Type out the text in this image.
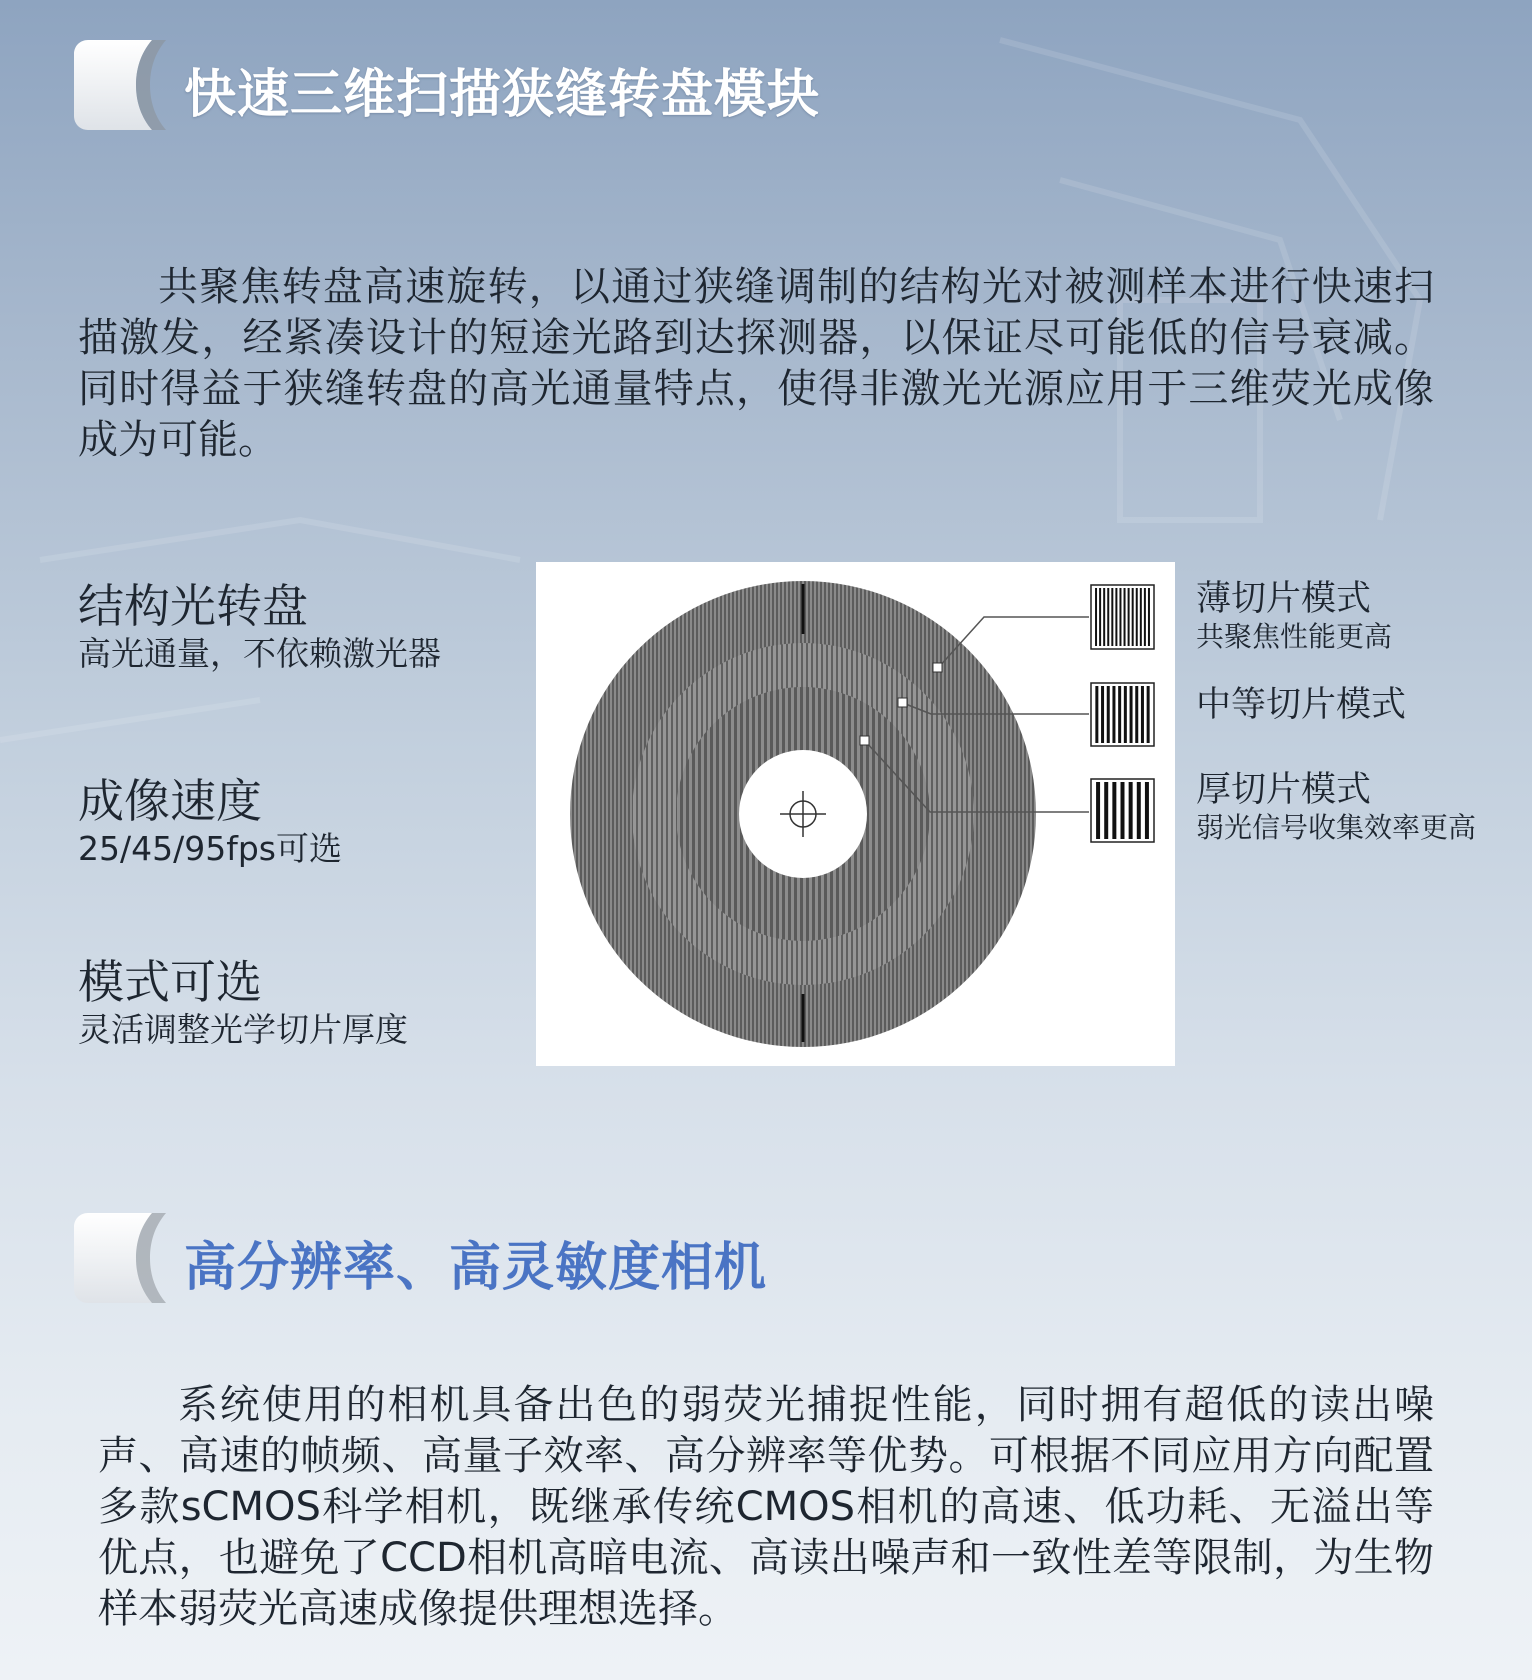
快速三维扫描狭缝转盘模块

共聚焦转盘高速旋转，以通过狭缝调制的结构光对被测样本进行快速扫描激发，经紧凑设计的短途光路到达探测器，以保证尽可能低的信号衰减。同时得益于狭缝转盘的高光通量特点，使得非激光光源应用于三维荧光成像成为可能。

结构光转盘
高光通量，不依赖激光器
成像速度
25/45/95fps可选
模式可选
灵活调整光学切片厚度
薄切片模式
共聚焦性能更高
中等切片模式
厚切片模式
弱光信号收集效率更高
高分辨率、高灵敏度相机

系统使用的相机具备出色的弱荧光捕捉性能，同时拥有超低的读出噪声、高速的帧频、高量子效率、高分辨率等优势。可根据不同应用方向配置多款sCMOS科学相机，既继承传统CMOS相机的高速、低功耗、无溢出等优点，也避免了CCD相机高暗电流、高读出噪声和一致性差等限制，为生物样本弱荧光高速成像提供理想选择。
